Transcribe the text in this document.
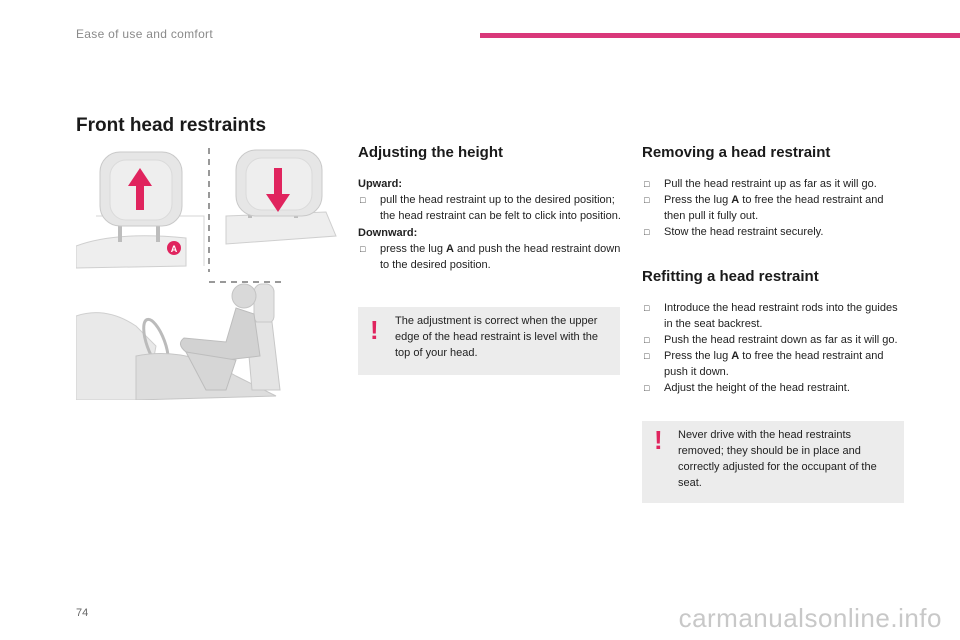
Ease of use and comfort
Front head restraints
A
Adjusting the height

Upward:

□ pull the head restraint up to the desired position; the head restraint can be felt to click into position.

Downward:

□ press the lug A and push the head restraint down to the desired position.
! The adjustment is correct when the upper edge of the head restraint is level with the top of your head.
Removing a head restraint
□ Pull the head restraint up as far as it will go.
□ Press the lug A to free the head restraint and then pull it fully out.
□ Stow the head restraint securely.
Refitting a head restraint
□ Introduce the head restraint rods into the guides in the seat backrest.
□ Push the head restraint down as far as it will go.
□ Press the lug A to free the head restraint and push it down.
□ Adjust the height of the head restraint.
! Never drive with the head restraints removed; they should be in place and correctly adjusted for the occupant of the seat.
74	carmanualsonline.info
